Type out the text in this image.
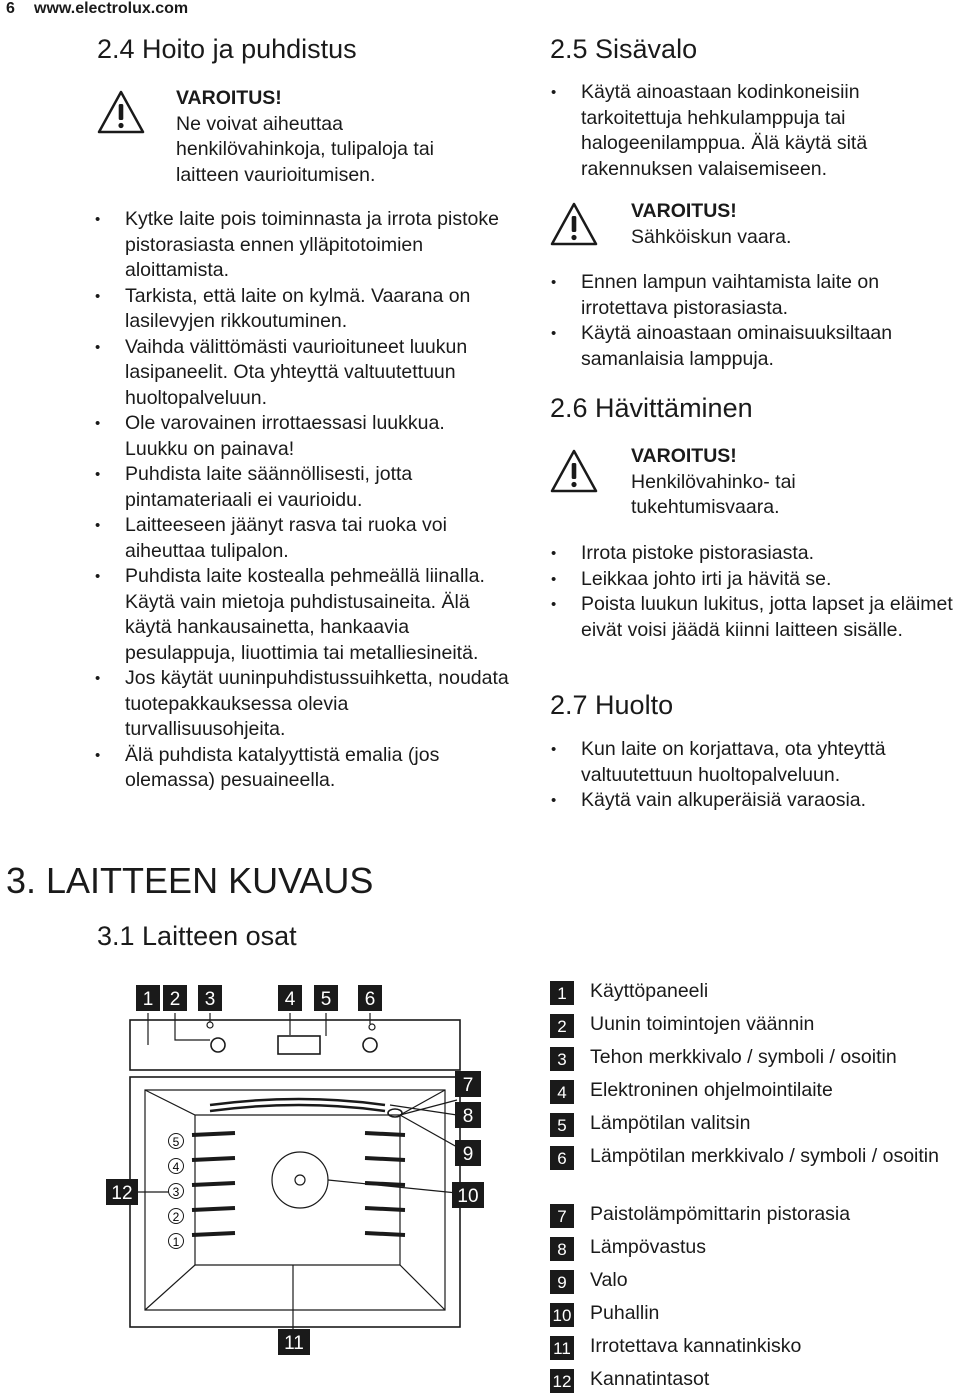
6 www.electrolux.com
2.4 Hoito ja puhdistus
VAROITUS!
Ne voivat aiheuttaa henkilövahinkoja, tulipaloja tai laitteen vaurioitumisen.
• Kytke laite pois toiminnasta ja irrota pistoke pistorasiasta ennen ylläpitotoimien aloittamista.
• Tarkista, että laite on kylmä. Vaarana on lasilevyjen rikkoutuminen.
• Vaihda välittömästi vaurioituneet luukun lasipaneelit. Ota yhteyttä valtuutettuun huoltopalveluun.
• Ole varovainen irrottaessasi luukkua. Luukku on painava!
• Puhdista laite säännöllisesti, jotta pintamateriaali ei vaurioidu.
• Laitteeseen jäänyt rasva tai ruoka voi aiheuttaa tulipalon.
• Puhdista laite kostealla pehmeällä liinalla. Käytä vain mietoja puhdistusaineita. Älä käytä hankausainetta, hankaavia pesulappuja, liuottimia tai metalliesineitä.
• Jos käytät uuninpuhdistussuihketta, noudata tuotepakkauksessa olevia turvallisuusohjeita.
• Älä puhdista katalyyttistä emalia (jos olemassa) pesuaineella.
2.5 Sisävalo
• Käytä ainoastaan kodinkoneisiin tarkoitettuja hehkulamppuja tai halogeenilamppua. Älä käytä sitä rakennuksen valaisemiseen.
VAROITUS!
Sähköiskun vaara.
• Ennen lampun vaihtamista laite on irrotettava pistorasiasta.
• Käytä ainoastaan ominaisuuksiltaan samanlaisia lamppuja.
2.6 Hävittäminen
VAROITUS!
Henkilövahinko- tai tukehtumisvaara.
• Irrota pistoke pistorasiasta.
• Leikkaa johto irti ja hävitä se.
• Poista luukun lukitus, jotta lapset ja eläimet eivät voisi jäädä kiinni laitteen sisälle.
2.7 Huolto
• Kun laite on korjattava, ota yhteyttä valtuutettuun huoltopalveluun.
• Käytä vain alkuperäisiä varaosia.
3. LAITTEEN KUVAUS
3.1 Laitteen osat
5
4
3
2
1
1 2 3	4 5 6
7
8
9
10
11
12
1	Käyttöpaneeli
2	Uunin toimintojen väännin
3	Tehon merkkivalo / symboli / osoitin
4	Elektroninen ohjelmointilaite
5	Lämpötilan valitsin
6	Lämpötilan merkkivalo / symboli / osoitin
7	Paistolämpömittarin pistorasia
8	Lämpövastus
9	Valo
10 Puhallin
11 Irrotettava kannatinkisko
12 Kannatintasot
